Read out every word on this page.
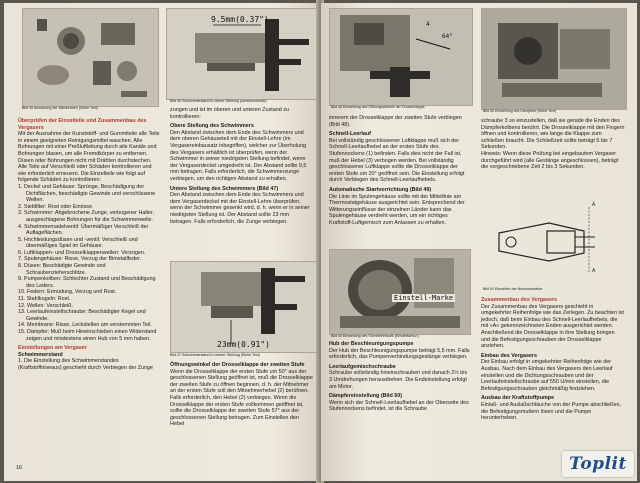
Bild 45 Anordnung der Membranen (Siehe Text)

Überprüfen der Einzelteile und Zusammenbau des Vergasers

Mit der Ausnahme der Kunststoff- und Gummiteile alle Teile in einem geeigneten Reinigungsmittel waschen. Alle Bohrungen mit einer Preßluftleitung durch alle Kanäle und Bohrungen blasen, um alle Fremdkörper zu entfernen. Düsen oder Bohrungen nicht mit Drähten durchstechen. Alle Teile auf Verschleiß oder Schäden kontrollieren und wie erforderlich erneuern. Die Einzelteile wie folgt auf folgende Schäden zu kontrollieren:

1. Deckel und Gehäuse: Sprünge, Beschädigung der Dichtflächen, beschädigte Gewinde und verschlissene Wellen.

2. Siebfilter: Rost oder Einrisse.

3. Schwimmer: Abgebrochene Zunge, verbogener Halter, ausgeschlagene Bohrungen für die Schwimmerwelle.

4. Schwimmernadelventil: Übermäßiger Verschleiß der Auflageflächen.

5. Hochleistungsdüsen und -ventil: Verschleiß und übermäßiges Spiel im Gehäuse.

6. Luftklappen- und Drosselklappenwellen: Verzogen.

7. Spulengehäuse: Risse, Verzug der Bimetallfeder.

8. Düsen: Beschädigte Gewinde und Schraubenzieherschlitze.

9. Pumpenkolben: Schlechter Zustand und Beschädigung des Leders.

10. Federn: Ermüdung, Verzug und Rost.

11. Stahlkugeln: Rost.

12. Wellen: Verschleiß.

13. Leerlaufeinstellschraube: Beschädigter Kegel und Gewinde.

14. Membrane: Risse, Leckstellen am verstemmten Teil.

15. Dämpfer: Muß beim Hineinschieben einen Widerstand zeigen und mindestens einen Hub von 5 mm haben.

Einstellungen am Vergaser

Schwimmerstand

1. Die Einstellung des Schwimmerstandes (Kraftstoffniveaus) geschieht durch Verbiegen der Zunge

16
9.5mm(0.37")
Bild 46 Schwimmerstand in oberer Stellung (schwimmertrab)

zungen und ist im oberen und unteren Zustand zu kontrollieren:

Obere Stellung des Schwimmers

Den Abstand zwischen dem Ende des Schwimmers und dem oberen Gehäuseteil mit der Einstell-Lehre (im Vergasereinbausatz inbegriffen), welcher zur Überholung des Vergasers erhältlich ist überprüfen, wenn der Schwimmer in seiner niedrigsten Stellung befindet, wenn der Vergaserdeckel umgedreht ist. Der Abstand sollte 9,5 mm betragen. Falls erforderlich, die Schwimmerzunge verbiegen, um den richtigen Abstand zu erhalten.

Untere Stellung des Schwimmers (Bild 47)

Den Abstand zwischen dem Ende des Schwimmers und dem Vergaserdeckel mit der Einstell-Lehre überprüfen, wenn der Schwimmer gesenkt wird, d. h. wenn er in seiner niedrigsten Stellung ist. Der Abstand sollte 23 mm betragen. Falls erforderlich, die Zunge verbiegen.

23mm(0.91")
Bild 47 Schwimmerstand in unterer Stellung (Siehe Text)

Öffnungswinkel der Drosselklappe der zweiten Stufe

Wenn die Drosselklappe der ersten Stufe um 50° aus der geschlossenen Stellung geöffnet ist, muß die Drosselklappe der zweiten Stufe zu öffnen beginnen, d. h. der Mitnehmer an der ersten Stufe soll den Mitnehmerhebel (2) berühren. Falls erforderlich, den Hebel (2) verbiegen. Wenn die Drosselklappe der ersten Stufe vollkommen geöffnet ist, sollte die Drosselklappe der zweiten Stufe 57° aus der geschlossenen Stellung betragen. Zum Einstellen den Hebel

4
64°
Bild 48 Einstellung des Öffnungswinkels der Drosselklappe

innerem der Drosselklappe der zweiten Stufe verbiegen (Bild 48).

Schnell-Leerlauf

Bei vollständig geschlossener Luftklappe muß sich der Schnell-Leerlaufhebel an der ersten Stufe des Stufennockens (1) befinden. Falls dies nicht der Fall ist, muß der Hebel (3) verbogen werden. Bei vollständig geschlossener Luftklappe sollte die Drosselklappe der ersten Stufe um 20° geöffnet sein. Die Einstellung erfolgt durch Verbiegen des Schnell-Leerlaufhebels.

Automatische Startvorrichtung (Bild 49)

Die Linie im Spulengehäuse sollte mit der Mittellinie am Thermostatgehäuse ausgerichtet sein. Entsprechend der Witterungseinflüsse der einzelnen Länder kann das Spulengehäuse verdreht werden, um ein richtiges Kraftstoff-Luftgemisch zum Anlassen zu erhalten.

Einstell-Marke
Bild 49 Einstellung des Schnellleerlaufs (Einstellwerkz.)

Hub der Beschleunigungspumpe

Der Hub der Beschleunigungspumpe beträgt 5,5 mm. Falls erforderlich, das Pumpenverbindungsgestänge verbiegen.

Leerlaufgemischschraube

Schraube vollständig hineinschrauben und danach 2½ bis 3 Umdrehungen herausdrehen. Die Endeinstellung erfolgt am Motor.

Dämpfereinstellung (Bild 50)

Wenn sich der Schnell-Leerlaufhebel an der Oberseite des Stufennockens befindet, ist die Schraube

Bild 50 Einstellung des Dämpfers (Siehe Text)

schraube 3 so einzustellen, daß sie gerade die Enden des Dämpferkolbens berührt. Die Drosselklappe mit den Fingern öffnen und kontrollieren, wie lange die Klappe zum schließen braucht. Die Schließzeit sollte beträgt 5 bis 7 Sekunden.

Hinweis: Wenn diese Prüfung bei eingebautem Vergaser durchgeführt wird (alle Gestänge angeschlossen), beträgt die vorgeschriebene Zeit 2 bis 3 Sekunden.

A
A
Bild 51 Einstellen der Nockenscheibe

Zusammenbau des Vergasers

Der Zusammenbau des Vergasers geschieht in umgekehrter Reihenfolge wie das Zerlegen. Zu beachten ist jedoch, daß beim Einbau des Schnell-Leerlaufhebels, die mit »A« gekennzeichneten Enden ausgerichtet werden. Anschließend die Drosselklappe in ihre Stellung bringen und die Befestigungsschrauben der Drosselklappe anziehen.

Einbau des Vergasers

Der Einbau erfolgt in umgekehrter Reihenfolge wie der Ausbau. Nach dem Einbau des Vergasers den Leerlauf einstellen und die Dichtungsschrauben und der Leerlaufeinstellschraube auf 550 U/min einstellen, die Befestigungsschrauben gleichmäßig festziehen.

Ausbau der Kraftstoffpumpe

Einlaß- und Auslaßschläuche von der Pumpe abschließen, die Befestigungsmuttern lösen und die Pumpe herunterheben.

Toplit
